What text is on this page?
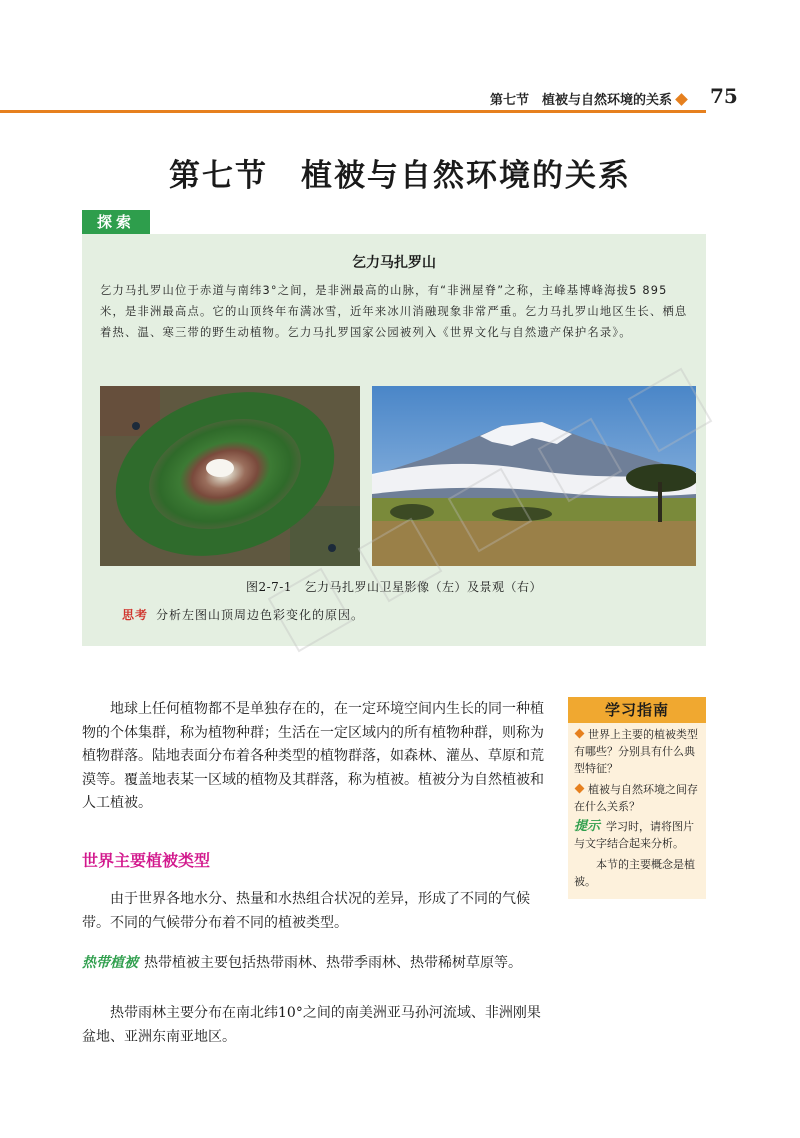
第七节　植被与自然环境的关系 75
第七节　植被与自然环境的关系
探索
乞力马扎罗山
乞力马扎罗山位于赤道与南纬3°之间，是非洲最高的山脉，有“非洲屋脊”之称，主峰基博峰海拔5 895米，是非洲最高点。它的山顶终年布满冰雪，近年来冰川消融现象非常严重。乞力马扎罗山地区生长、栖息着热、温、寒三带的野生动植物。乞力马扎罗国家公园被列入《世界文化与自然遗产保护名录》。
图2-7-1　乞力马扎罗山卫星影像（左）及景观（右）
思考 分析左图山顶周边色彩变化的原因。
地球上任何植物都不是单独存在的，在一定环境空间内生长的同一种植物的个体集群，称为植物种群；生活在一定区域内的所有植物种群，则称为植物群落。陆地表面分布着各种类型的植物群落，如森林、灌丛、草原和荒漠等。覆盖地表某一区域的植物及其群落，称为植被。植被分为自然植被和人工植被。
世界主要植被类型
由于世界各地水分、热量和水热组合状况的差异，形成了不同的气候带。不同的气候带分布着不同的植被类型。
热带植被 热带植被主要包括热带雨林、热带季雨林、热带稀树草原等。
热带雨林主要分布在南北纬10°之间的南美洲亚马孙河流域、非洲刚果盆地、亚洲东南亚地区。
学习指南
世界上主要的植被类型有哪些？分别具有什么典型特征？
植被与自然环境之间存在什么关系？
提示 学习时，请将图片与文字结合起来分析。
本节的主要概念是植被。
